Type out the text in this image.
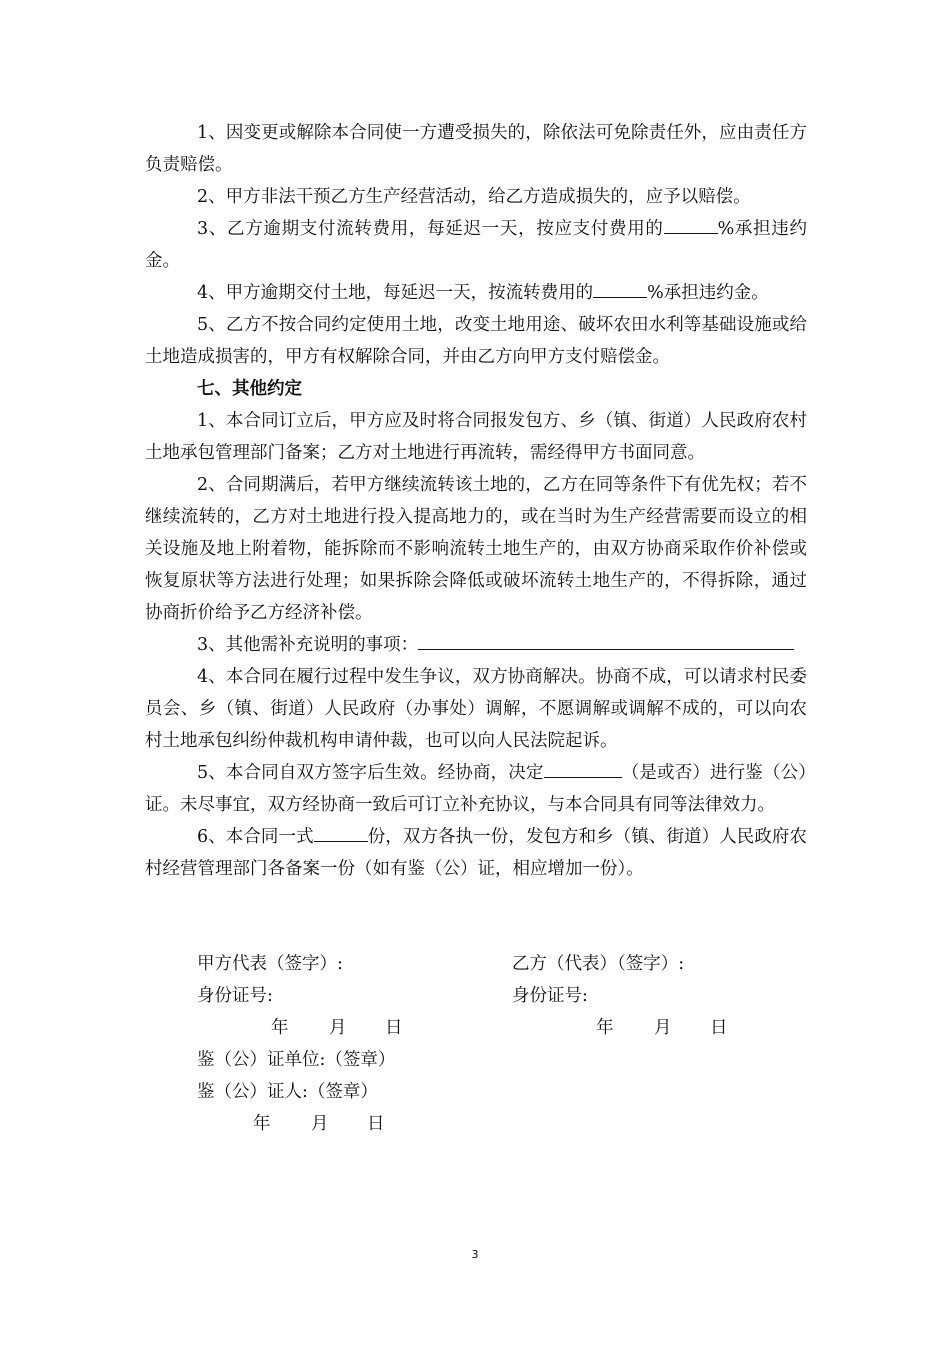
1、因变更或解除本合同使一方遭受损失的，除依法可免除责任外，应由责任方负责赔偿。

2、甲方非法干预乙方生产经营活动，给乙方造成损失的，应予以赔偿。

3、乙方逾期支付流转费用，每延迟一天，按应支付费用的	%承担违约金。

4、甲方逾期交付土地，每延迟一天，按流转费用的	%承担违约金。

5、乙方不按合同约定使用土地，改变土地用途、破坏农田水利等基础设施或给土地造成损害的，甲方有权解除合同，并由乙方向甲方支付赔偿金。

七、其他约定

1、本合同订立后，甲方应及时将合同报发包方、乡（镇、街道）人民政府农村土地承包管理部门备案；乙方对土地进行再流转，需经得甲方书面同意。

2、合同期满后，若甲方继续流转该土地的，乙方在同等条件下有优先权；若不继续流转的，乙方对土地进行投入提高地力的，或在当时为生产经营需要而设立的相关设施及地上附着物，能拆除而不影响流转土地生产的，由双方协商采取作价补偿或恢复原状等方法进行处理；如果拆除会降低或破坏流转土地生产的，不得拆除，通过协商折价给予乙方经济补偿。

3、其他需补充说明的事项：

4、本合同在履行过程中发生争议，双方协商解决。协商不成，可以请求村民委员会、乡（镇、街道）人民政府（办事处）调解，不愿调解或调解不成的，可以向农村土地承包纠纷仲裁机构申请仲裁，也可以向人民法院起诉。

5、本合同自双方签字后生效。经协商，决定	（是或否）进行鉴（公）证。未尽事宜，双方经协商一致后可订立补充协议，与本合同具有同等法律效力。

6、本合同一式	份，双方各执一份，发包方和乡（镇、街道）人民政府农村经营管理部门各备案一份（如有鉴（公）证，相应增加一份）。

甲方代表（签字）:	乙方（代表）（签字）:
身份证号:	身份证号:
年 月 日	年 月 日
鉴（公）证单位:（签章）
鉴（公）证人:（签章）
年 月 日
3
